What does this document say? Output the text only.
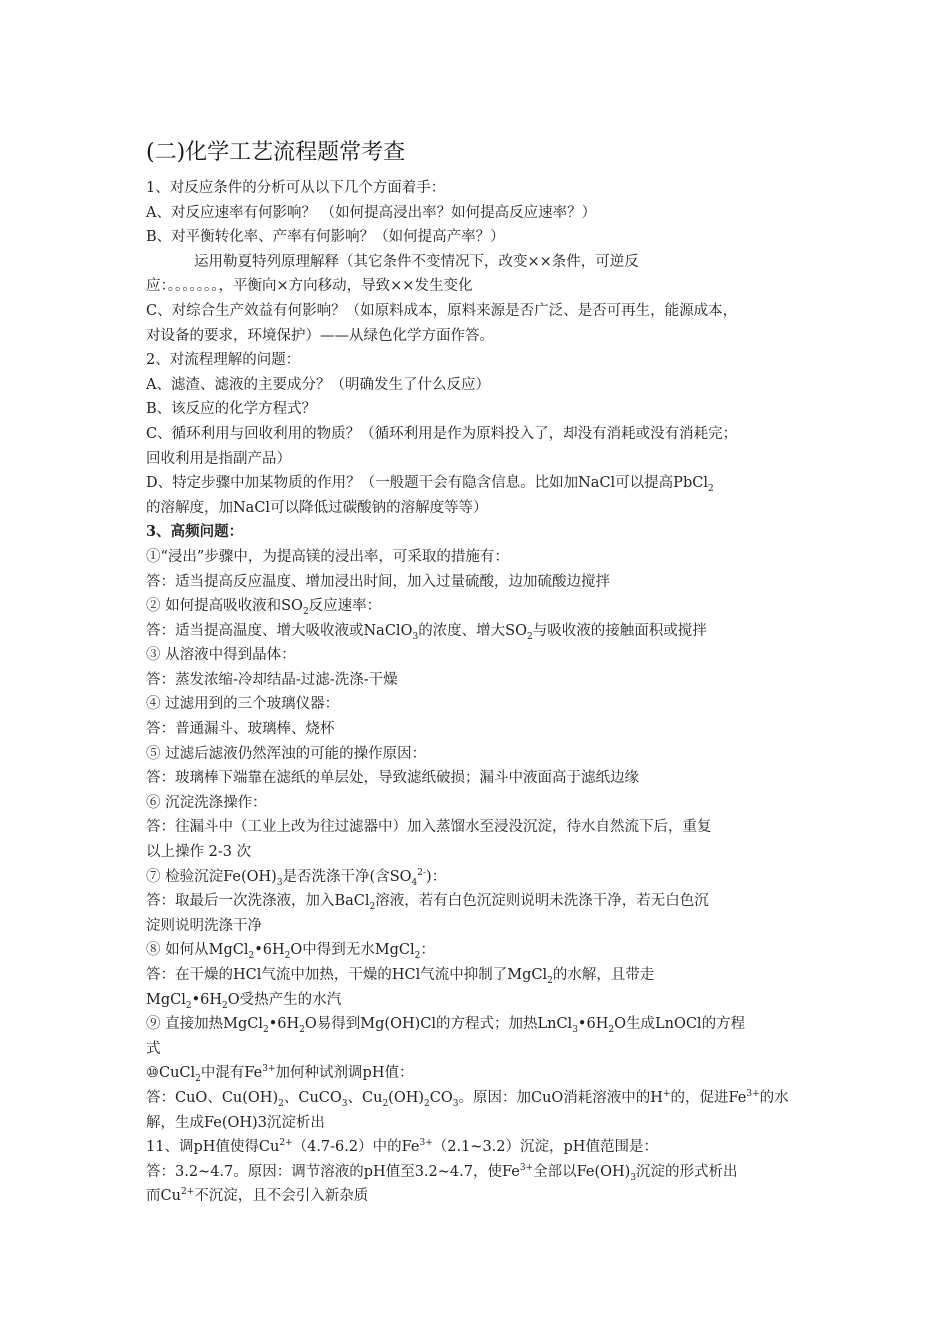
(二)化学工艺流程题常考查
1、对反应条件的分析可从以下几个方面着手：
A、对反应速率有何影响？ （如何提高浸出率？如何提高反应速率？）
B、对平衡转化率、产率有何影响？（如何提高产率？）
运用勒夏特列原理解释（其它条件不变情况下，改变××条件，可逆反
应：。。。。。。。，平衡向×方向移动，导致××发生变化
C、对综合生产效益有何影响？（如原料成本，原料来源是否广泛、是否可再生，能源成本，
对设备的要求，环境保护）——从绿色化学方面作答。
2、对流程理解的问题：
A、滤渣、滤液的主要成分？（明确发生了什么反应）
B、该反应的化学方程式？
C、循环利用与回收利用的物质？（循环利用是作为原料投入了，却没有消耗或没有消耗完；
回收利用是指副产品）
D、特定步骤中加某物质的作用？（一般题干会有隐含信息。比如加NaCl可以提高PbCl$_2$
的溶解度，加NaCl可以降低过碳酸钠的溶解度等等）
3、高频问题：
①“浸出”步骤中，为提高镁的浸出率，可采取的措施有：
答：适当提高反应温度、增加浸出时间，加入过量硫酸，边加硫酸边搅拌
② 如何提高吸收液和$SO_2$反应速率：
答：适当提高温度、增大吸收液或NaClO$_3$的浓度、增大$SO_2$与吸收液的接触面积或搅拌
③ 从溶液中得到晶体：
答：蒸发浓缩-冷却结晶-过滤-洗涤-干燥
④ 过滤用到的三个玻璃仪器：
答：普通漏斗、玻璃棒、烧杯
⑤ 过滤后滤液仍然浑浊的可能的操作原因：
答：玻璃棒下端靠在滤纸的单层处，导致滤纸破损；漏斗中液面高于滤纸边缘
⑥ 沉淀洗涤操作：
答：往漏斗中（工业上改为往过滤器中）加入蒸馏水至浸没沉淀，待水自然流下后，重复
以上操作 2-3 次
⑦ 检验沉淀$Fe(OH)_3$是否洗涤干净(含$SO_4^{2-}$)：
答：取最后一次洗涤液，加入BaCl$_2$溶液，若有白色沉淀则说明未洗涤干净，若无白色沉
淀则说明洗涤干净
⑧ 如何从$MgCl_2•6H_2O$中得到无水MgCl$_2$：
答：在干燥的HCl气流中加热，干燥的HCl气流中抑制了MgCl$_2$的水解，且带走
$MgCl_2•6H_2O$受热产生的水汽
⑨ 直接加热$MgCl_2•6H_2O$易得到Mg(OH)Cl的方程式；加热$LnCl_3•6H_2O$生成LnOCl的方程
式
⑩CuCl$_2$中混有$Fe^{3+}$加何种试剂调pH值：
答：CuO、$Cu(OH)_2$、CuCO$_3$、$Cu_2(OH)_2CO_3$。原因：加CuO消耗溶液中的H+的，促进$Fe^{3+}$的水
解，生成Fe(OH)3沉淀析出
11、调pH值使得$Cu^{2+}(4.7-6.2)$中的$Fe^{3+}(2.1\sim 3.2)$沉淀，pH值范围是：
答：3.2~4.7。原因：调节溶液的pH值至3.2~4.7，使$Fe^{3+}$全部以$Fe(OH)_3$沉淀的形式析出
而$Cu^{2+}$不沉淀，且不会引入新杂质
